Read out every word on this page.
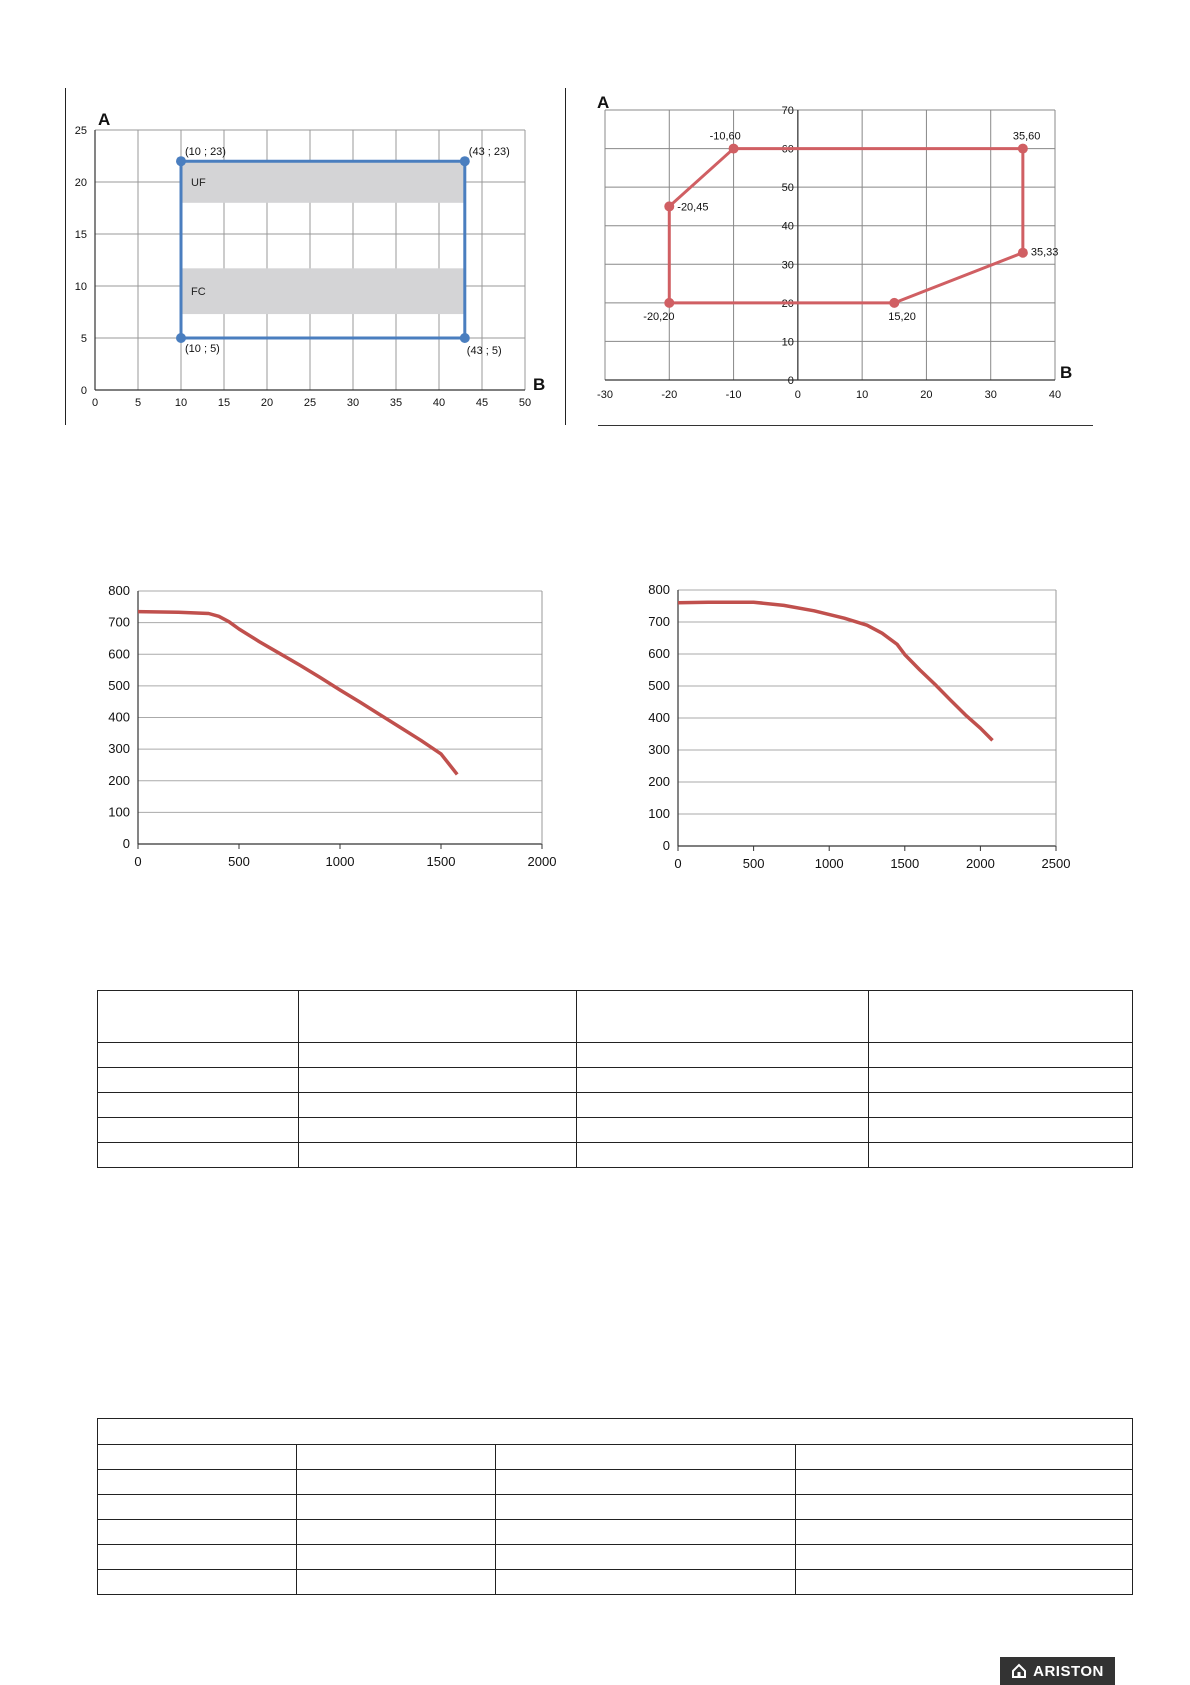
0	5	10	15	20	25	30	35	40	45	50
0
5
10
15
20
25
A
B
UF
FC
(10 ; 23)	(43 ; 23)
(10 ; 5)	(43 ; 5)
-30	-20	-10	0	10	20	30	40
0
10
20
30
40
50
60
70
A
B
-10,60	35,60
-20,45
35,33
-20,20	15,20
0	500	1000	1500	2000
0
100
200
300
400
500
600
700
800
0	500	1000	1500	2000	2500
0
100
200
300
400
500
600
700
800

ARISTON
